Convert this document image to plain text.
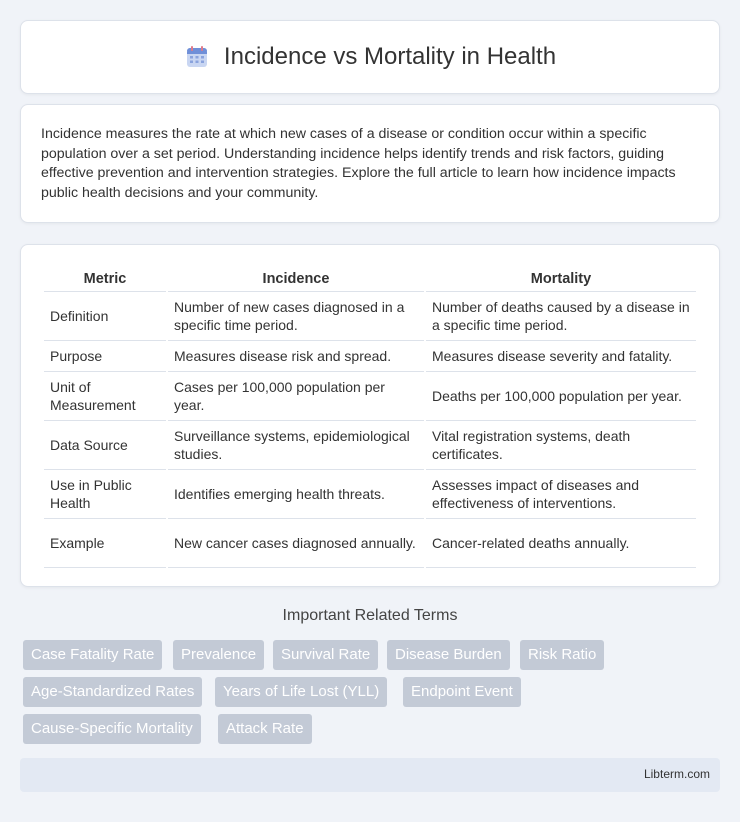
Incidence vs Mortality in Health

Incidence measures the rate at which new cases of a disease or condition occur within a specific population over a set period. Understanding incidence helps identify trends and risk factors, guiding effective prevention and intervention strategies. Explore the full article to learn how incidence impacts public health decisions and your community.

Metric	Incidence	Mortality
Definition	Number of new cases diagnosed in a specific time period.	Number of deaths caused by a disease in a specific time period.
Purpose	Measures disease risk and spread.	Measures disease severity and fatality.
Unit of Measurement	Cases per 100,000 population per year.	Deaths per 100,000 population per year.
Data Source	Surveillance systems, epidemiological studies.	Vital registration systems, death certificates.
Use in Public Health	Identifies emerging health threats.	Assesses impact of diseases and effectiveness of interventions.
Example	New cancer cases diagnosed annually.	Cancer-related deaths annually.
Important Related Terms
Case Fatality Rate	Prevalence	Survival Rate	Disease Burden	Risk Ratio
Age-Standardized Rates	Years of Life Lost (YLL)	Endpoint Event
Cause-Specific Mortality	Attack Rate
Libterm.com
